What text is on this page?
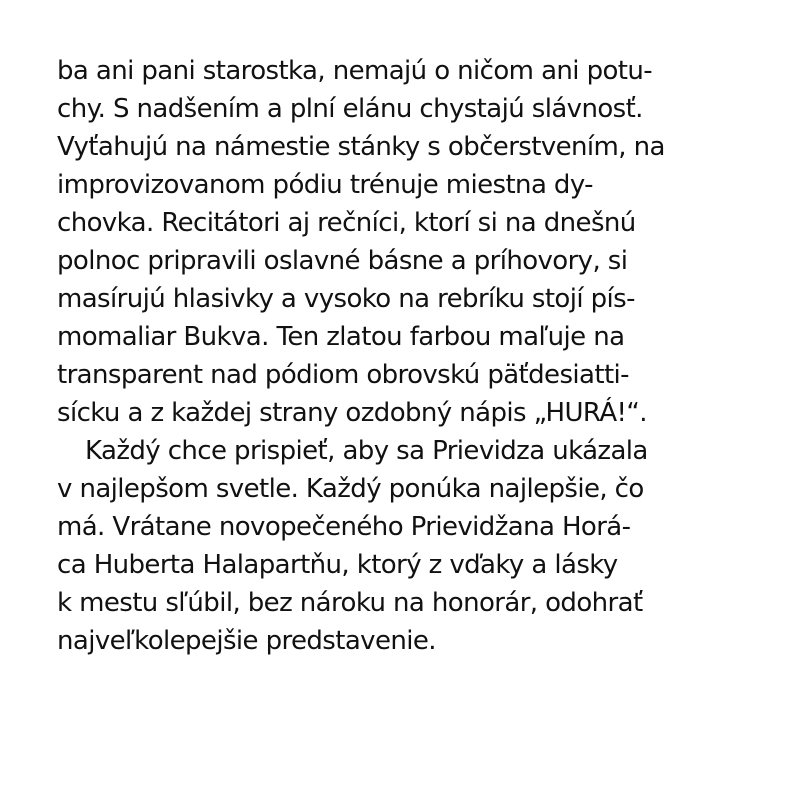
ba ani pani starostka, nemajú o ničom ani potu-
chy. S nadšením a plní elánu chystajú slávnosť.
Vyťahujú na námestie stánky s občerstvením, na
improvizovanom pódiu trénuje miestna dy-
chovka. Recitátori aj rečníci, ktorí si na dnešnú
polnoc pripravili oslavné básne a príhovory, si
masírujú hlasivky a vysoko na rebríku stojí pís-
momaliar Bukva. Ten zlatou farbou maľuje na
transparent nad pódiom obrovskú päťdesiatti-
sícku a z každej strany ozdobný nápis „HURÁ!“.
Každý chce prispieť, aby sa Prievidza ukázala
v najlepšom svetle. Každý ponúka najlepšie, čo
má. Vrátane novopečeného Prievidžana Horá-
ca Huberta Halapartňu, ktorý z vďaky a lásky
k mestu sľúbil, bez nároku na honorár, odohrať
najveľkolepejšie predstavenie.
